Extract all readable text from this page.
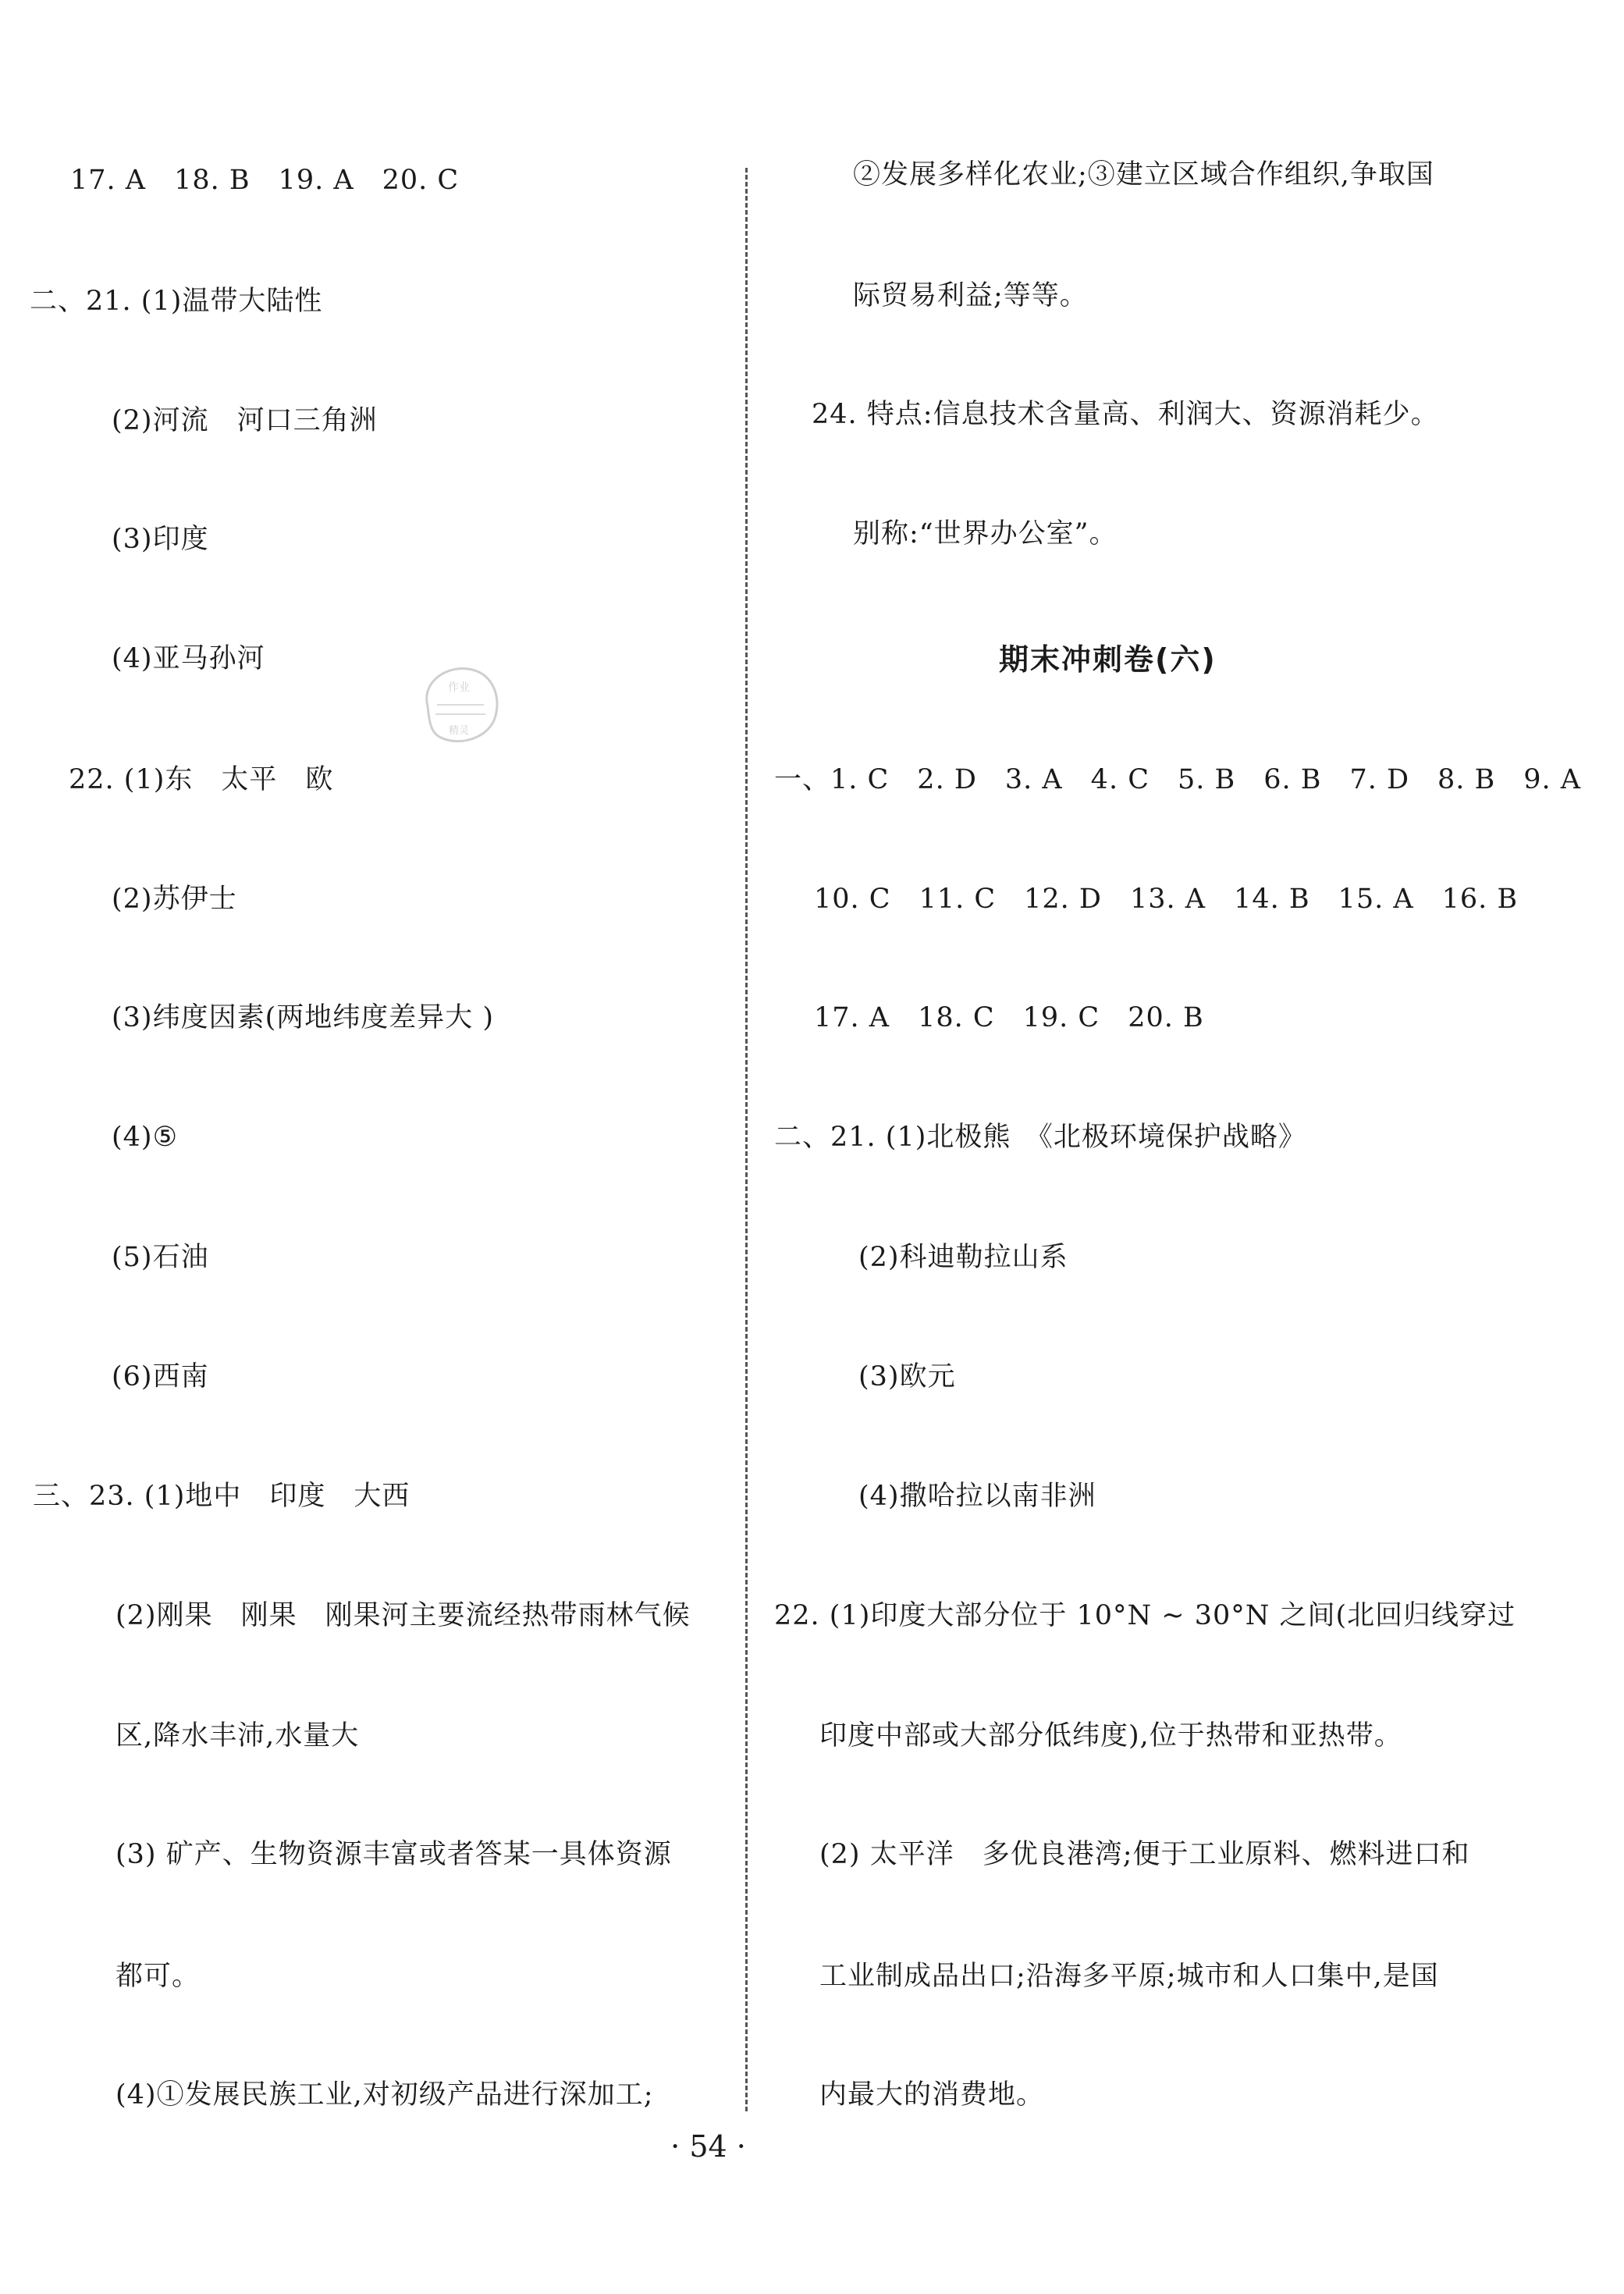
17. A　18. B　19. A　20. C
二、21. (1)温带大陆性
(2)河流　河口三角洲
(3)印度
(4)亚马孙河
22. (1)东　太平　欧
(2)苏伊士
(3)纬度因素(两地纬度差异大 )
(4)⑤
(5)石油
(6)西南
三、23. (1)地中　印度　大西
(2)刚果　刚果　刚果河主要流经热带雨林气候
区,降水丰沛,水量大
(3) 矿产、生物资源丰富或者答某一具体资源
都可。
(4)①发展民族工业,对初级产品进行深加工;
②发展多样化农业;③建立区域合作组织,争取国
际贸易利益;等等。
24. 特点:信息技术含量高、利润大、资源消耗少。
别称:“世界办公室”。
期末冲刺卷(六)
一、1. C　2. D　3. A　4. C　5. B　6. B　7. D　8. B　9. A
10. C　11. C　12. D　13. A　14. B　15. A　16. B
17. A　18. C　19. C　20. B
二、21. (1)北极熊　《北极环境保护战略》
(2)科迪勒拉山系
(3)欧元
(4)撒哈拉以南非洲
22. (1)印度大部分位于 10°N ~ 30°N 之间(北回归线穿过
印度中部或大部分低纬度),位于热带和亚热带。
(2) 太平洋　多优良港湾;便于工业原料、燃料进口和
工业制成品出口;沿海多平原;城市和人口集中,是国
内最大的消费地。
作业
精灵
· 54 ·
